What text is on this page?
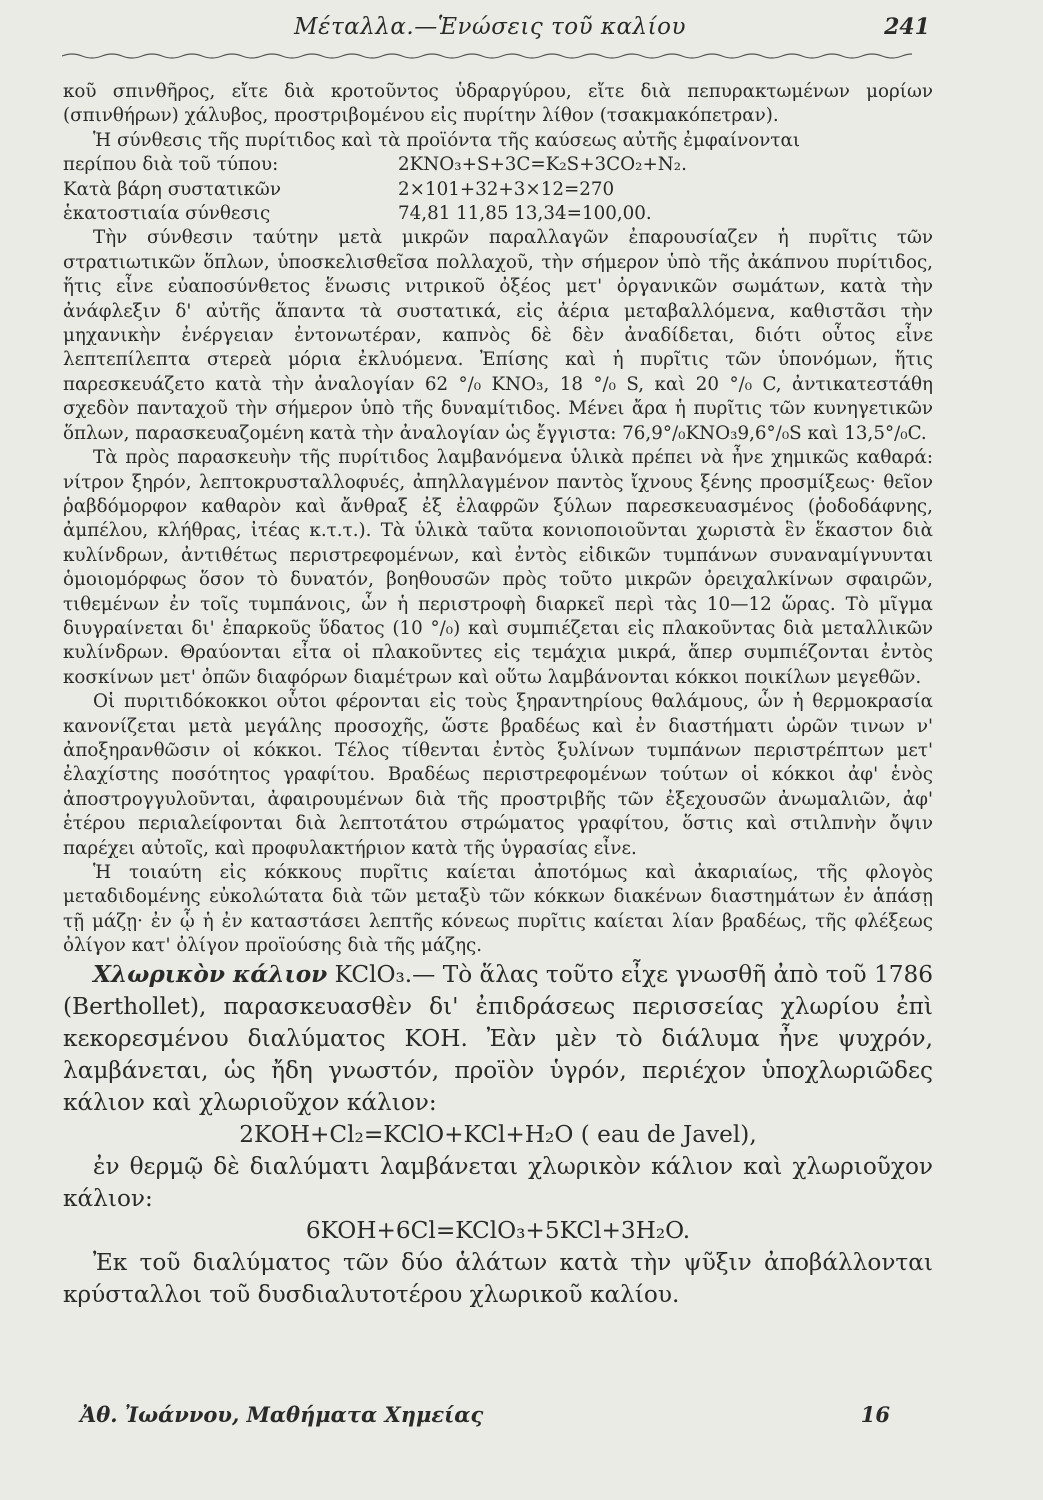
Μέταλλα.—Ἑνώσεις τοῦ καλίου	241

κοῦ σπινθῆρος, εἴτε διὰ κροτοῦντος ὑδραργύρου, εἴτε διὰ πεπυρακτωμένων μορίων (σπινθήρων) χάλυβος, προστριβομένου εἰς πυρίτην λίθον (τσακμακόπετραν).

Ἡ σύνθεσις τῆς πυρίτιδος καὶ τὰ προϊόντα τῆς καύσεως αὐτῆς ἐμφαίνονται

περίπου διὰ τοῦ τύπου:	2KNO₃+S+3C=K₂S+3CO₂+N₂.
Κατὰ βάρη συστατικῶν	2×101+32+3×12=270
ἑκατοστιαία σύνθεσις	74,81 11,85 13,34=100,00.

Τὴν σύνθεσιν ταύτην μετὰ μικρῶν παραλλαγῶν ἐπαρουσίαζεν ἡ πυρῖτις τῶν στρατιωτικῶν ὅπλων, ὑποσκελισθεῖσα πολλαχοῦ, τὴν σήμερον ὑπὸ τῆς ἀκάπνου πυρίτιδος, ἥτις εἶνε εὐαποσύνθετος ἕνωσις νιτρικοῦ ὀξέος μετ' ὀργανικῶν σωμάτων, κατὰ τὴν ἀνάφλεξιν δ' αὐτῆς ἅπαντα τὰ συστατικά, εἰς ἀέρια μεταβαλλόμενα, καθιστᾶσι τὴν μηχανικὴν ἐνέργειαν ἐντονωτέραν, καπνὸς δὲ δὲν ἀναδίδεται, διότι οὗτος εἶνε λεπτεπίλεπτα στερεὰ μόρια ἐκλυόμενα. Ἐπίσης καὶ ἡ πυρῖτις τῶν ὑπονόμων, ἥτις παρεσκευάζετο κατὰ τὴν ἀναλογίαν 62 °/₀ KNO₃, 18 °/₀ S, καὶ 20 °/₀ C, ἀντικατεστάθη σχεδὸν πανταχοῦ τὴν σήμερον ὑπὸ τῆς δυναμίτιδος. Μένει ἄρα ἡ πυρῖτις τῶν κυνηγετικῶν ὅπλων, παρασκευαζομένη κατὰ τὴν ἀναλογίαν ὡς ἔγγιστα: 76,9°/₀KNO₃9,6°/₀S καὶ 13,5°/₀C.

Τὰ πρὸς παρασκευὴν τῆς πυρίτιδος λαμβανόμενα ὑλικὰ πρέπει νὰ ἦνε χημικῶς καθαρά: νίτρον ξηρόν, λεπτοκρυσταλλοφυές, ἀπηλλαγμένον παντὸς ἴχνους ξένης προσμίξεως· θεῖον ῥαβδόμορφον καθαρὸν καὶ ἄνθραξ ἐξ ἐλαφρῶν ξύλων παρεσκευασμένος (ῥοδοδάφνης, ἀμπέλου, κλήθρας, ἰτέας κ.τ.τ.). Τὰ ὑλικὰ ταῦτα κονιοποιοῦνται χωριστὰ ἓν ἕκαστον διὰ κυλίνδρων, ἀντιθέτως περιστρεφομένων, καὶ ἐντὸς εἰδικῶν τυμπάνων συναναμίγνυνται ὁμοιομόρφως ὅσον τὸ δυνατόν, βοηθουσῶν πρὸς τοῦτο μικρῶν ὀρειχαλκίνων σφαιρῶν, τιθεμένων ἐν τοῖς τυμπάνοις, ὧν ἡ περιστροφὴ διαρκεῖ περὶ τὰς 10—12 ὥρας. Τὸ μῖγμα διυγραίνεται δι' ἐπαρκοῦς ὕδατος (10 °/₀) καὶ συμπιέζεται εἰς πλακοῦντας διὰ μεταλλικῶν κυλίνδρων. Θραύονται εἶτα οἱ πλακοῦντες εἰς τεμάχια μικρά, ἅπερ συμπιέζονται ἐντὸς κοσκίνων μετ' ὀπῶν διαφόρων διαμέτρων καὶ οὕτω λαμβάνονται κόκκοι ποικίλων μεγεθῶν.

Οἱ πυριτιδόκοκκοι οὗτοι φέρονται εἰς τοὺς ξηραντηρίους θαλάμους, ὧν ἡ θερμοκρασία κανονίζεται μετὰ μεγάλης προσοχῆς, ὥστε βραδέως καὶ ἐν διαστήματι ὡρῶν τινων ν' ἀποξηρανθῶσιν οἱ κόκκοι. Τέλος τίθενται ἐντὸς ξυλίνων τυμπάνων περιστρέπτων μετ' ἐλαχίστης ποσότητος γραφίτου. Βραδέως περιστρεφομένων τούτων οἱ κόκκοι ἀφ' ἑνὸς ἀποστρογγυλοῦνται, ἀφαιρουμένων διὰ τῆς προστριβῆς τῶν ἐξεχουσῶν ἀνωμαλιῶν, ἀφ' ἑτέρου περιαλείφονται διὰ λεπτοτάτου στρώματος γραφίτου, ὅστις καὶ στιλπνὴν ὄψιν παρέχει αὐτοῖς, καὶ προφυλακτήριον κατὰ τῆς ὑγρασίας εἶνε.

Ἡ τοιαύτη εἰς κόκκους πυρῖτις καίεται ἀποτόμως καὶ ἀκαριαίως, τῆς φλογὸς μεταδιδομένης εὐκολώτατα διὰ τῶν μεταξὺ τῶν κόκκων διακένων διαστημάτων ἐν ἁπάσῃ τῇ μάζῃ· ἐν ᾧ ἡ ἐν καταστάσει λεπτῆς κόνεως πυρῖτις καίεται λίαν βραδέως, τῆς φλέξεως ὀλίγον κατ' ὀλίγον προϊούσης διὰ τῆς μάζης.

Χλωρικὸν κάλιον KClO₃.— Τὸ ἅλας τοῦτο εἶχε γνωσθῆ ἀπὸ τοῦ 1786 (Berthollet), παρασκευασθὲν δι' ἐπιδράσεως περισσείας χλωρίου ἐπὶ κεκορεσμένου διαλύματος KOH. Ἐὰν μὲν τὸ διάλυμα ἦνε ψυχρόν, λαμβάνεται, ὡς ἤδη γνωστόν, προϊὸν ὑγρόν, περιέχον ὑποχλωριῶδες κάλιον καὶ χλωριοῦχον κάλιον:

2KOH+Cl₂=KClO+KCl+H₂O ( eau de Javel),

ἐν θερμῷ δὲ διαλύματι λαμβάνεται χλωρικὸν κάλιον καὶ χλωριοῦχον κάλιον:

6KOH+6Cl=KClO₃+5KCl+3H₂O.

Ἐκ τοῦ διαλύματος τῶν δύο ἁλάτων κατὰ τὴν ψῦξιν ἀποβάλλονται κρύσταλλοι τοῦ δυσδιαλυτοτέρου χλωρικοῦ καλίου.

Ἀθ. Ἰωάννου, Μαθήματα Χημείας	16
